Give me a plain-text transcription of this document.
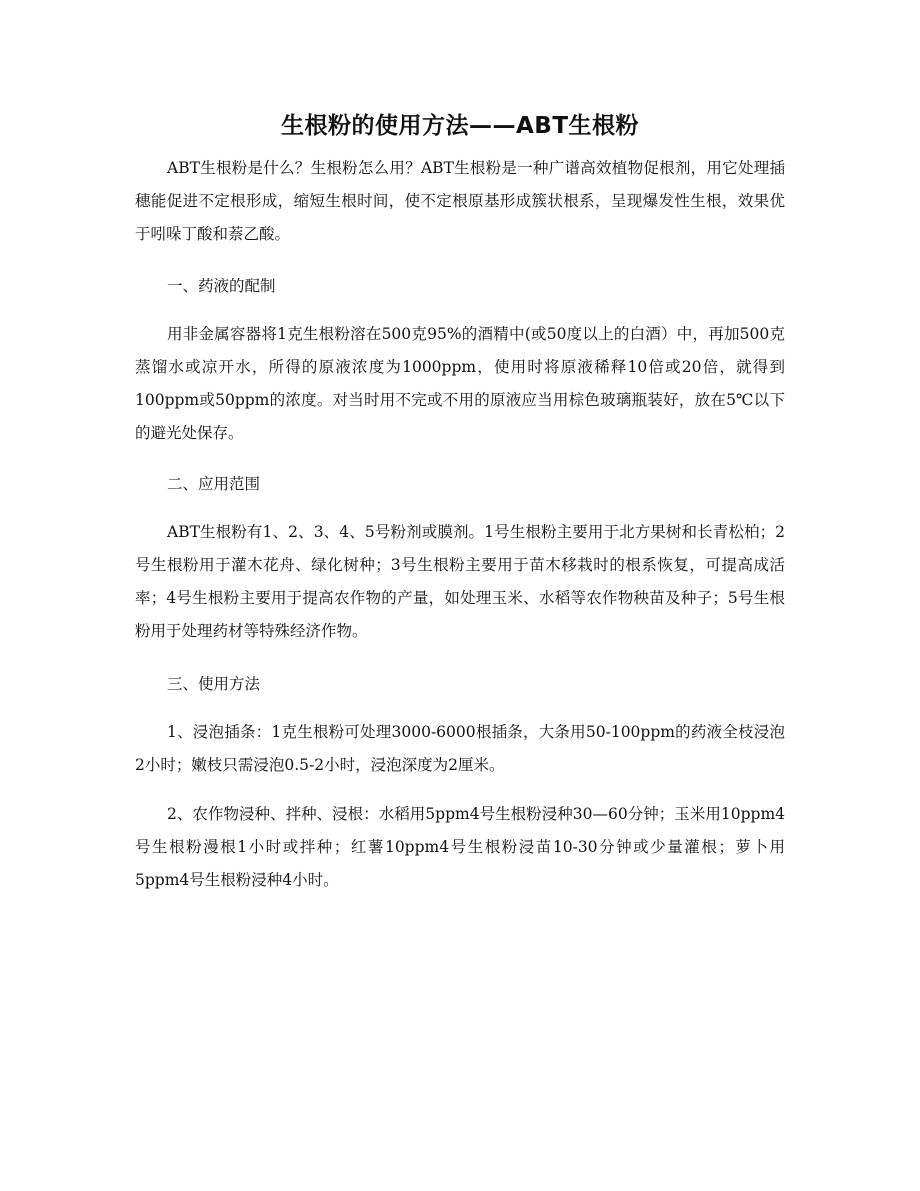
生根粉的使用方法——ABT生根粉

ABT生根粉是什么？生根粉怎么用？ABT生根粉是一种广谱高效植物促根剂，用它处理插穗能促进不定根形成，缩短生根时间，使不定根原基形成簇状根系，呈现爆发性生根，效果优于吲哚丁酸和萘乙酸。

一、药液的配制

用非金属容器将1克生根粉溶在500克95%的酒精中(或50度以上的白酒）中，再加500克蒸馏水或凉开水，所得的原液浓度为1000ppm，使用时将原液稀释10倍或20倍，就得到100ppm或50ppm的浓度。对当时用不完或不用的原液应当用棕色玻璃瓶装好，放在5℃以下的避光处保存。

二、应用范围

ABT生根粉有1、2、3、4、5号粉剂或膜剂。1号生根粉主要用于北方果树和长青松柏；2号生根粉用于灌木花舟、绿化树种；3号生根粉主要用于苗木移栽时的根系恢复，可提高成活率；4号生根粉主要用于提高农作物的产量，如处理玉米、水稻等农作物秧苗及种子；5号生根粉用于处理药材等特殊经济作物。

三、使用方法

1、浸泡插条：1克生根粉可处理3000-6000根插条，大条用50-100ppm的药液全枝浸泡2小时；嫩枝只需浸泡0.5-2小时，浸泡深度为2厘米。

2、农作物浸种、拌种、浸根：水稻用5ppm4号生根粉浸种30—60分钟；玉米用10ppm4号生根粉漫根1小时或拌种；红薯10ppm4号生根粉浸苗10-30分钟或少量灌根；萝卜用5ppm4号生根粉浸种4小时。
